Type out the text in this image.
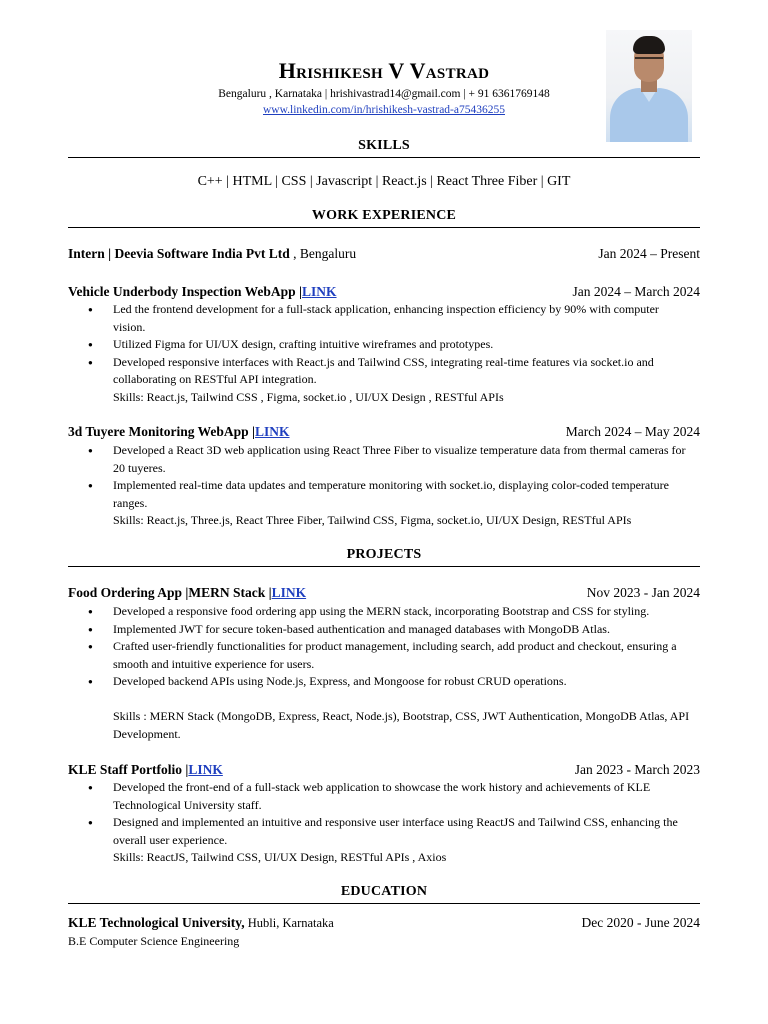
Hrishikesh V Vastrad
Bengaluru , Karnataka | hrishivastrad14@gmail.com | + 91 6361769148
www.linkedin.com/in/hrishikesh-vastrad-a75436255
SKILLS
C++ | HTML | CSS | Javascript | React.js | React Three Fiber | GIT
WORK EXPERIENCE
Intern | Deevia Software India Pvt Ltd , Bengaluru	Jan 2024 – Present
Vehicle Underbody Inspection WebApp |LINK	Jan 2024 – March 2024
● Led the frontend development for a full-stack application, enhancing inspection efficiency by 90% with computer vision.
● Utilized Figma for UI/UX design, crafting intuitive wireframes and prototypes.
● Developed responsive interfaces with React.js and Tailwind CSS, integrating real-time features via socket.io and collaborating on RESTful API integration.
Skills: React.js, Tailwind CSS , Figma, socket.io , UI/UX Design , RESTful APIs
3d Tuyere Monitoring WebApp |LINK	March 2024 – May 2024
● Developed a React 3D web application using React Three Fiber to visualize temperature data from thermal cameras for 20 tuyeres.
● Implemented real-time data updates and temperature monitoring with socket.io, displaying color-coded temperature ranges.
Skills: React.js, Three.js, React Three Fiber, Tailwind CSS, Figma, socket.io, UI/UX Design, RESTful APIs
PROJECTS
Food Ordering App |MERN Stack |LINK	Nov 2023 - Jan 2024
● Developed a responsive food ordering app using the MERN stack, incorporating Bootstrap and CSS for styling.
● Implemented JWT for secure token-based authentication and managed databases with MongoDB Atlas.
● Crafted user-friendly functionalities for product management, including search, add product and checkout, ensuring a smooth and intuitive experience for users.
● Developed backend APIs using Node.js, Express, and Mongoose for robust CRUD operations.
Skills : MERN Stack (MongoDB, Express, React, Node.js), Bootstrap, CSS, JWT Authentication, MongoDB Atlas, API Development.
KLE Staff Portfolio |LINK	Jan 2023 - March 2023
● Developed the front-end of a full-stack web application to showcase the work history and achievements of KLE Technological University staff.
● Designed and implemented an intuitive and responsive user interface using ReactJS and Tailwind CSS, enhancing the overall user experience.
Skills: ReactJS, Tailwind CSS, UI/UX Design, RESTful APIs , Axios
EDUCATION
KLE Technological University, Hubli, Karnataka	Dec 2020 - June 2024
B.E Computer Science Engineering
